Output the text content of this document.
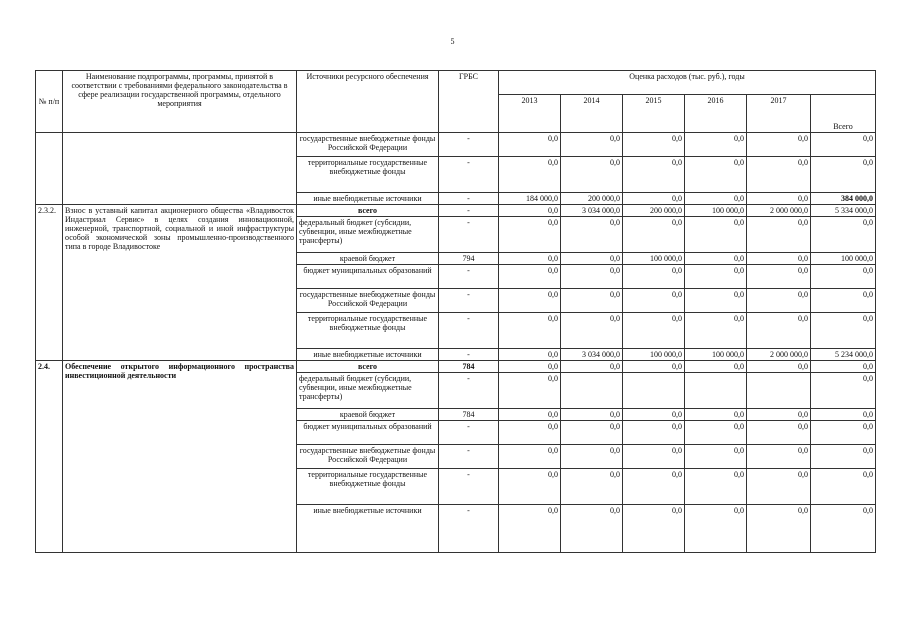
5
№ п/п	Наименование подпрограммы, программы, принятой в соответствии с требованиями федерального законодательства в сфере реализации государственной программы, отдельного мероприятия	Источники ресурсного обеспечения	ГРБС	Оценка расходов (тыс. руб.), годы					
				2013	2014	2015	2016	2017	Всего
		государственные внебюджетные фонды Российской Федерации	-	0,0	0,0	0,0	0,0	0,0	0,0
		территориальные государственные внебюджетные фонды	-	0,0	0,0	0,0	0,0	0,0	0,0
		иные внебюджетные источники	-	184 000,0	200 000,0	0,0	0,0	0,0	384 000,0
2.3.2.	Взнос в уставный капитал акционерного общества «Владивосток Индастриал Сервис» в целях создания инновационной, инженерной, транспортной, социальной и иной инфраструктуры особой экономической зоны промышленно-производственного типа в городе Владивостоке	всего	-	0,0	3 034 000,0	200 000,0	100 000,0	2 000 000,0	5 334 000,0
		федеральный бюджет (субсидии, субвенции, иные межбюджетные трансферты)	-	0,0	0,0	0,0	0,0	0,0	0,0
		краевой бюджет	794	0,0	0,0	100 000,0	0,0	0,0	100 000,0
		бюджет муниципальных образований	-	0,0	0,0	0,0	0,0	0,0	0,0
		государственные внебюджетные фонды Российской Федерации	-	0,0	0,0	0,0	0,0	0,0	0,0
		территориальные государственные внебюджетные фонды	-	0,0	0,0	0,0	0,0	0,0	0,0
		иные внебюджетные источники	-	0,0	3 034 000,0	100 000,0	100 000,0	2 000 000,0	5 234 000,0
2.4.	Обеспечение открытого информационного пространства инвестиционной деятельности	всего	784	0,0	0,0	0,0	0,0	0,0	0,0
		федеральный бюджет (субсидии, субвенции, иные межбюджетные трансферты)	-	0,0					0,0
		краевой бюджет	784	0,0	0,0	0,0	0,0	0,0	0,0
		бюджет муниципальных образований	-	0,0	0,0	0,0	0,0	0,0	0,0
		государственные внебюджетные фонды Российской Федерации	-	0,0	0,0	0,0	0,0	0,0	0,0
		территориальные государственные внебюджетные фонды	-	0,0	0,0	0,0	0,0	0,0	0,0
		иные внебюджетные источники	-	0,0	0,0	0,0	0,0	0,0	0,0
